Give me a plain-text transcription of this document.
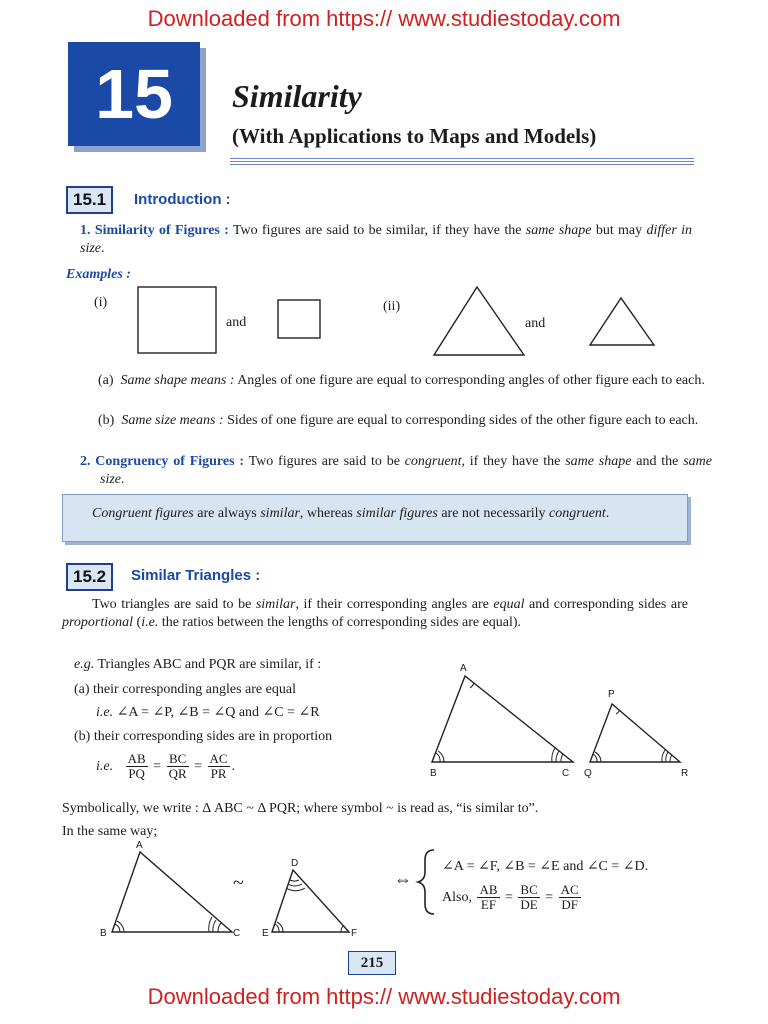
Downloaded from https:// www.studiestoday.com
15	Similarity
(With Applications to Maps and Models)
15.1	Introduction :
1. Similarity of Figures : Two figures are said to be similar, if they have the same shape but may differ in size.
Examples :
(i)
and
(ii)
and
(a) Same shape means : Angles of one figure are equal to corresponding angles of other figure each to each.
(b) Same size means : Sides of one figure are equal to corresponding sides of the other figure each to each.
2. Congruency of Figures : Two figures are said to be congruent, if they have the same shape and the same size.
Congruent figures are always similar, whereas similar figures are not necessarily congruent.
15.2	Similar Triangles :
Two triangles are said to be similar, if their corresponding angles are equal and corresponding sides are proportional (i.e. the ratios between the lengths of corresponding sides are equal).
e.g. Triangles ABC and PQR are similar, if :
(a) their corresponding angles are equal
i.e. ∠A = ∠P, ∠B = ∠Q and ∠C = ∠R
(b) their corresponding sides are in proportion
i.e. $\frac{AB}{PQ} = \frac{BC}{QR} = \frac{AC}{PR}$ .
A
B	C
P
Q	R
Symbolically, we write : Δ ABC ~ Δ PQR; where symbol ~ is read as, “is similar to”.
In the same way;
A
B	C
D
E	F
~	⇔
∠A = ∠F, ∠B = ∠E and ∠C = ∠D.
Also, $\frac{AB}{EF} = \frac{BC}{DE} = \frac{AC}{DF}$
215
Downloaded from https:// www.studiestoday.com
